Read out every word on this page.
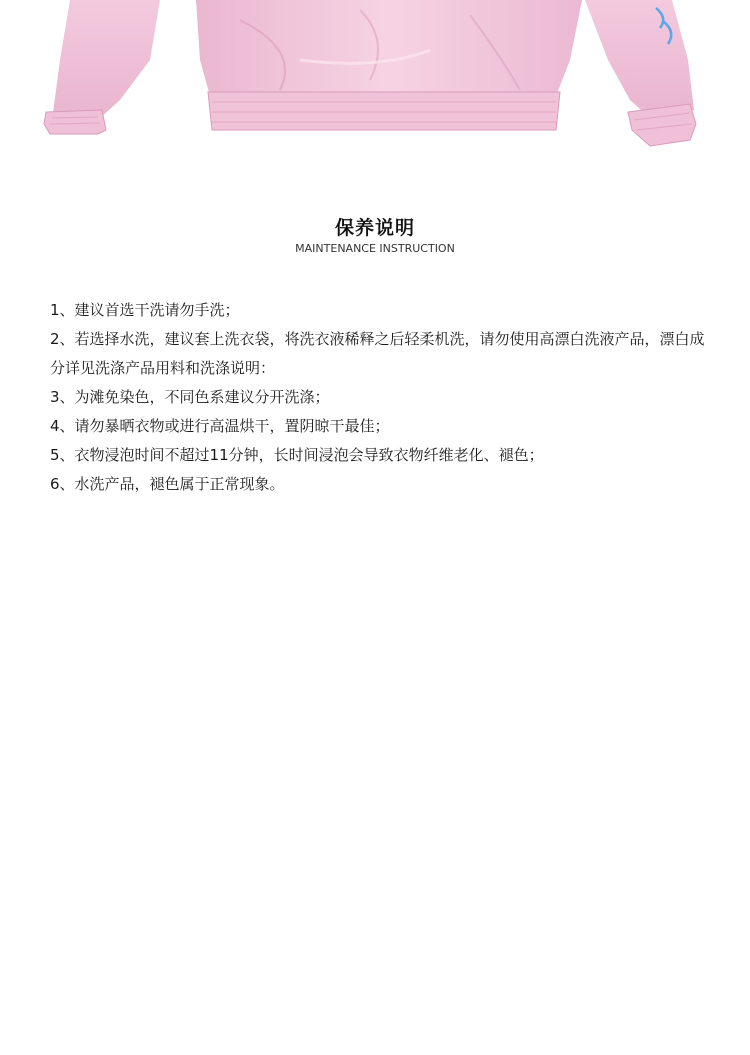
保养说明

MAINTENANCE INSTRUCTION

1、建议首选干洗请勿手洗；
2、若选择水洗，建议套上洗衣袋，将洗衣液稀释之后轻柔机洗，请勿使用高漂白洗液产品，漂白成分详见洗涤产品用料和洗涤说明：
3、为滩免染色，不同色系建议分开洗涤；
4、请勿暴晒衣物或进行高温烘干，置阴晾干最佳；
5、衣物浸泡时间不超过11分钟，长时间浸泡会导致衣物纤维老化、褪色；
6、水洗产品，褪色属于正常现象。
